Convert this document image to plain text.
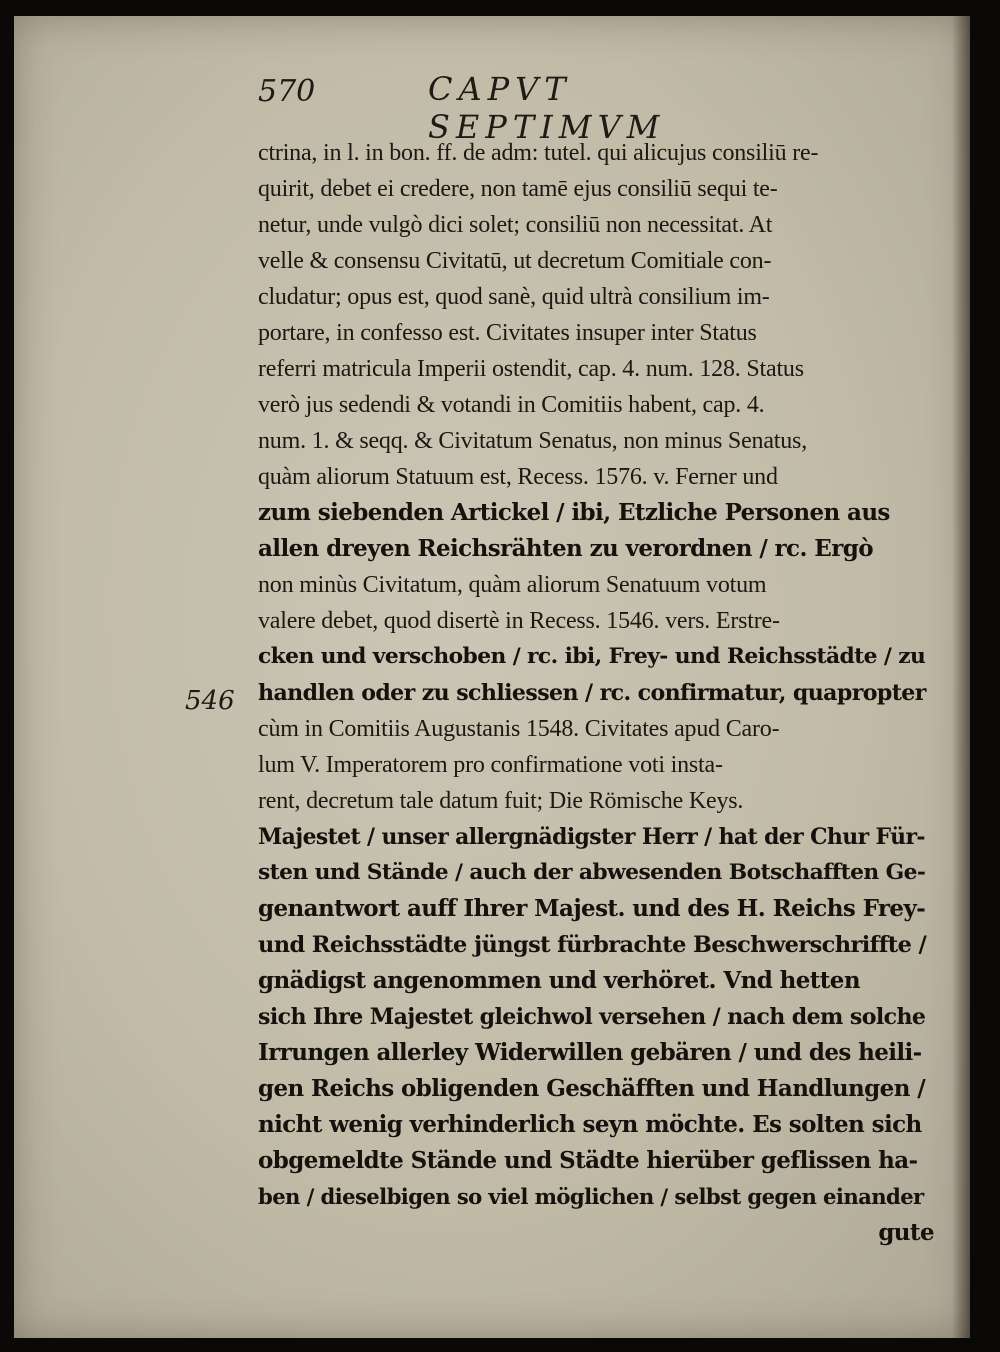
570	CAPVT SEPTIMVM
546
ctrina, in l. in bon. ff. de adm: tutel. qui alicujus consiliū re-
quirit, debet ei credere, non tamē ejus consiliū sequi te-
netur, unde vulgò dici solet; consiliū non necessitat. At
velle & consensu Civitatū, ut decretum Comitiale con-
cludatur; opus est, quod sanè, quid ultrà consilium im-
portare, in confesso est. Civitates insuper inter Status
referri matricula Imperii ostendit, cap. 4. num. 128. Status
verò jus sedendi & votandi in Comitiis habent, cap. 4.
num. 1. & seqq. & Civitatum Senatus, non minus Senatus,
quàm aliorum Statuum est, Recess. 1576. v. Ferner und
zum siebenden Artickel / ibi, Etzliche Personen aus
allen dreyen Reichsrähten zu verordnen / rc. Ergò
non minùs Civitatum, quàm aliorum Senatuum votum
valere debet, quod disertè in Recess. 1546. vers. Erstre-
cken und verschoben / rc. ibi, Frey- und Reichsstädte / zu
handlen oder zu schliessen / rc. confirmatur, quapropter
cùm in Comitiis Augustanis 1548. Civitates apud Caro-
lum V. Imperatorem pro confirmatione voti insta-
rent, decretum tale datum fuit; Die Römische Keys.
Majestet / unser allergnädigster Herr / hat der Chur Für-
sten und Stände / auch der abwesenden Botschafften Ge-
genantwort auff Ihrer Majest. und des H. Reichs Frey-
und Reichsstädte jüngst fürbrachte Beschwerschriffte /
gnädigst angenommen und verhöret. Vnd hetten
sich Ihre Majestet gleichwol versehen / nach dem solche
Irrungen allerley Widerwillen gebären / und des heili-
gen Reichs obligenden Geschäfften und Handlungen /
nicht wenig verhinderlich seyn möchte. Es solten sich
obgemeldte Stände und Städte hierüber geflissen ha-
ben / dieselbigen so viel möglichen / selbst gegen einander
gute
